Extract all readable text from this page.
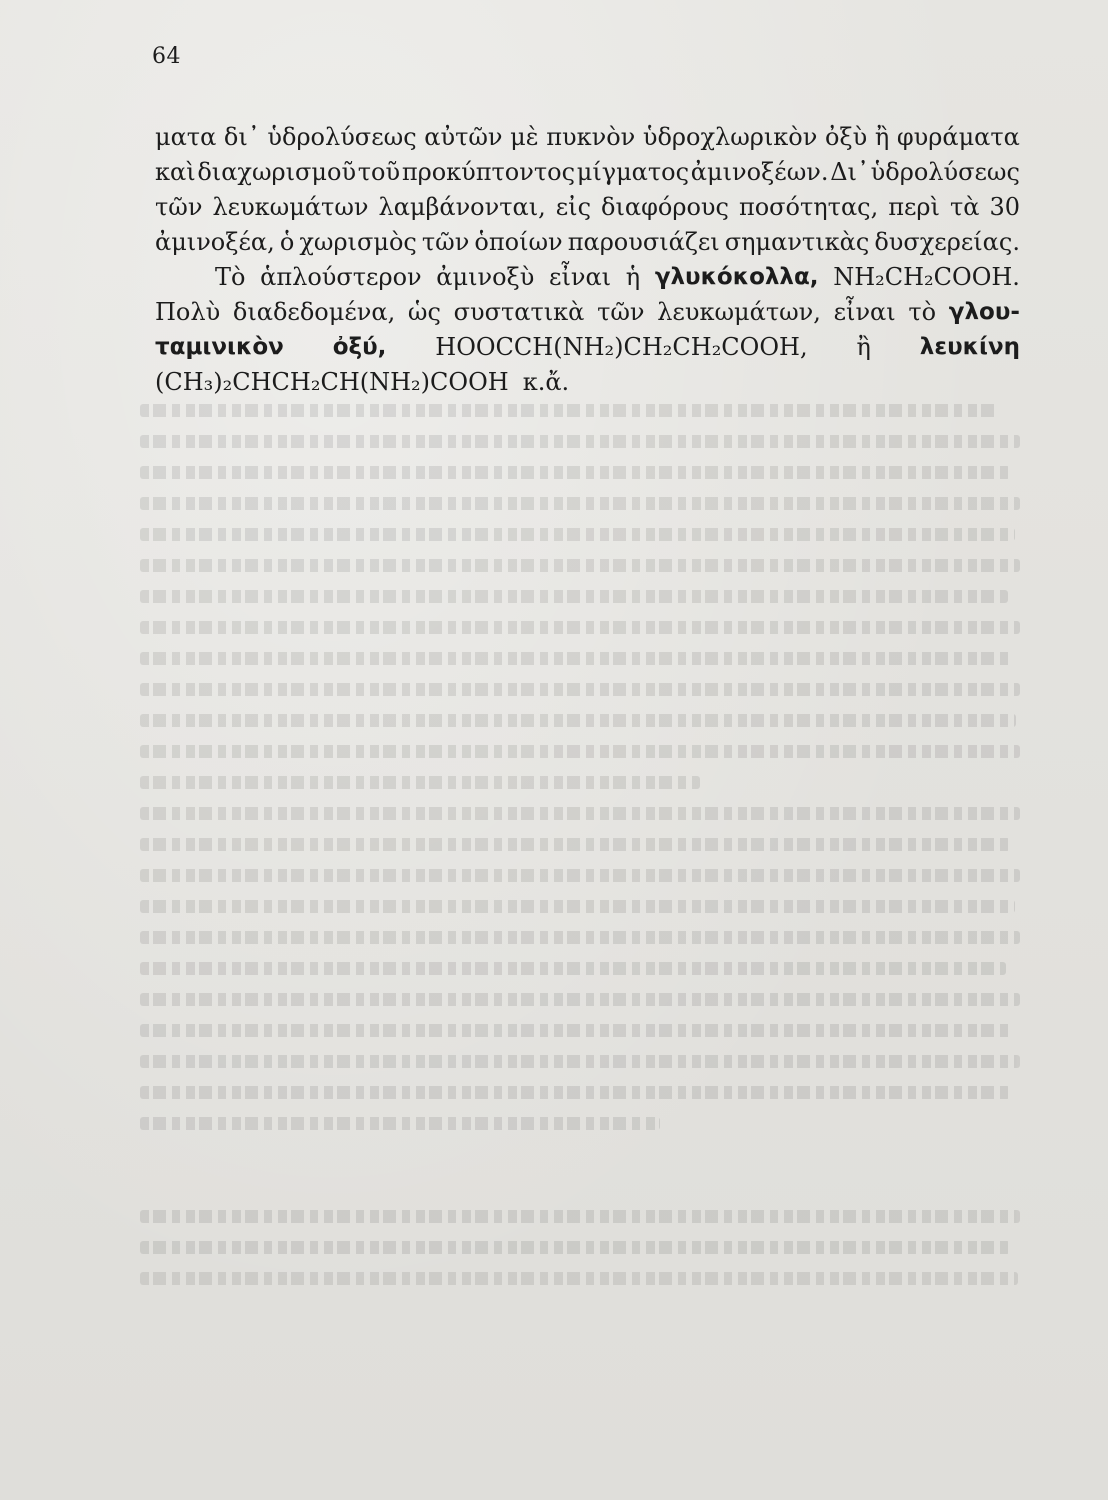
64
ματα δι᾿ ὑδρολύσεως αὐτῶν μὲ πυκνὸν ὑδροχλωρικὸν ὀξὺ ἢ φυράματα
καὶ διαχωρισμοῦ τοῦ προκύπτοντος μίγματος ἀμινοξέων. Δι᾿ ὑδρολύσεως
τῶν λευκωμάτων λαμβάνονται, εἰς διαφόρους ποσότητας, περὶ τὰ 30
ἀμινοξέα, ὁ χωρισμὸς τῶν ὁποίων παρουσιάζει σημαντικὰς δυσχερείας.
Τὸ ἁπλούστερον ἀμινοξὺ εἶναι ἡ γλυκόκολλα, NH₂CH₂COOH.
Πολὺ διαδεδομένα, ὡς συστατικὰ τῶν λευκωμάτων, εἶναι τὸ γλου-
ταμινικὸν ὀξύ, HOOCCH(NH₂)CH₂CH₂COOH, ἢ λευκίνη
(CH₃)₂CHCH₂CH(NH₂)COOH κ.ἄ.
